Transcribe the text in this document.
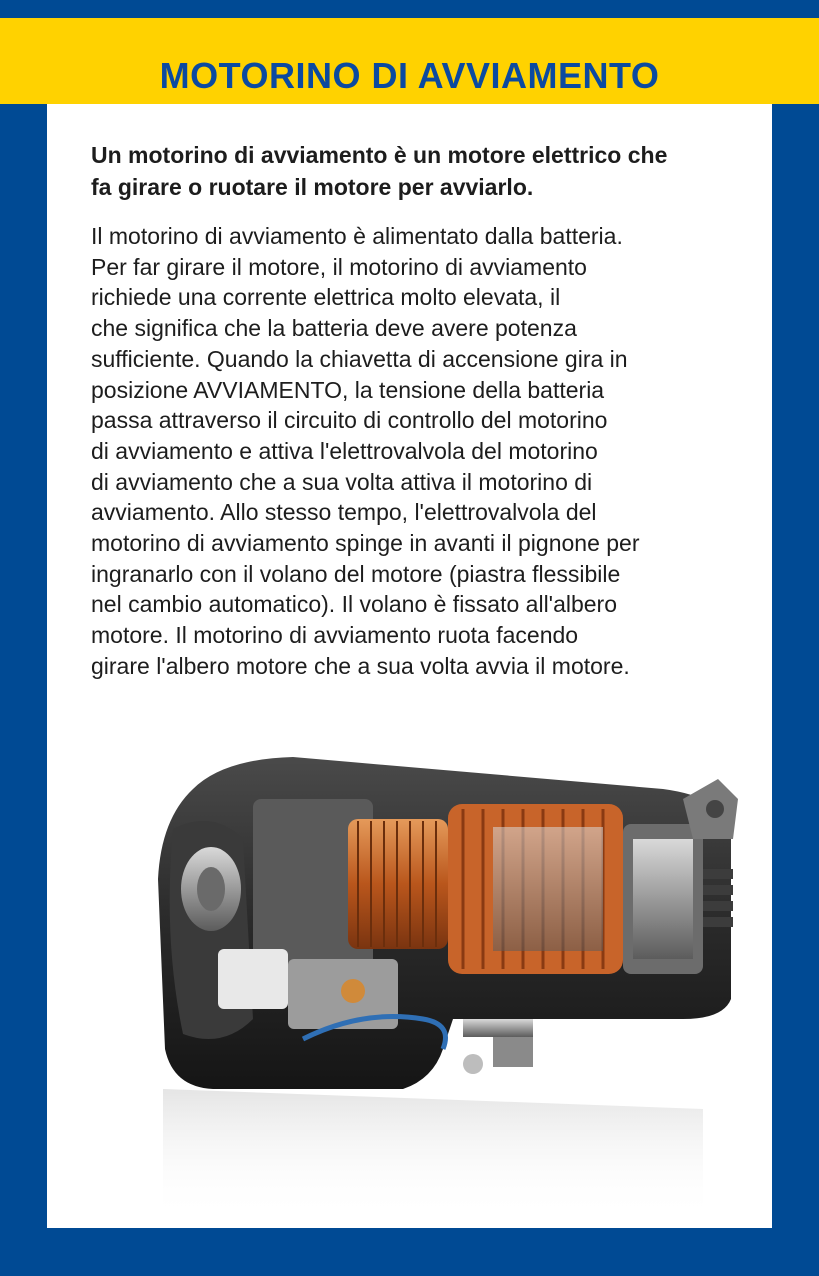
MOTORINO DI AVVIAMENTO

Un motorino di avviamento è un motore elettrico che
fa girare o ruotare il motore per avviarlo.

Il motorino di avviamento è alimentato dalla batteria.
Per far girare il motore, il motorino di avviamento
richiede una corrente elettrica molto elevata, il
che significa che la batteria deve avere potenza
sufficiente. Quando la chiavetta di accensione gira in
posizione AVVIAMENTO, la tensione della batteria
passa attraverso il circuito di controllo del motorino
di avviamento e attiva l'elettrovalvola del motorino
di avviamento che a sua volta attiva il motorino di
avviamento. Allo stesso tempo, l'elettrovalvola del
motorino di avviamento spinge in avanti il pignone per
ingranarlo con il volano del motore (piastra flessibile
nel cambio automatico). Il volano è fissato all'albero
motore. Il motorino di avviamento ruota facendo
girare l'albero motore che a sua volta avvia il motore.
